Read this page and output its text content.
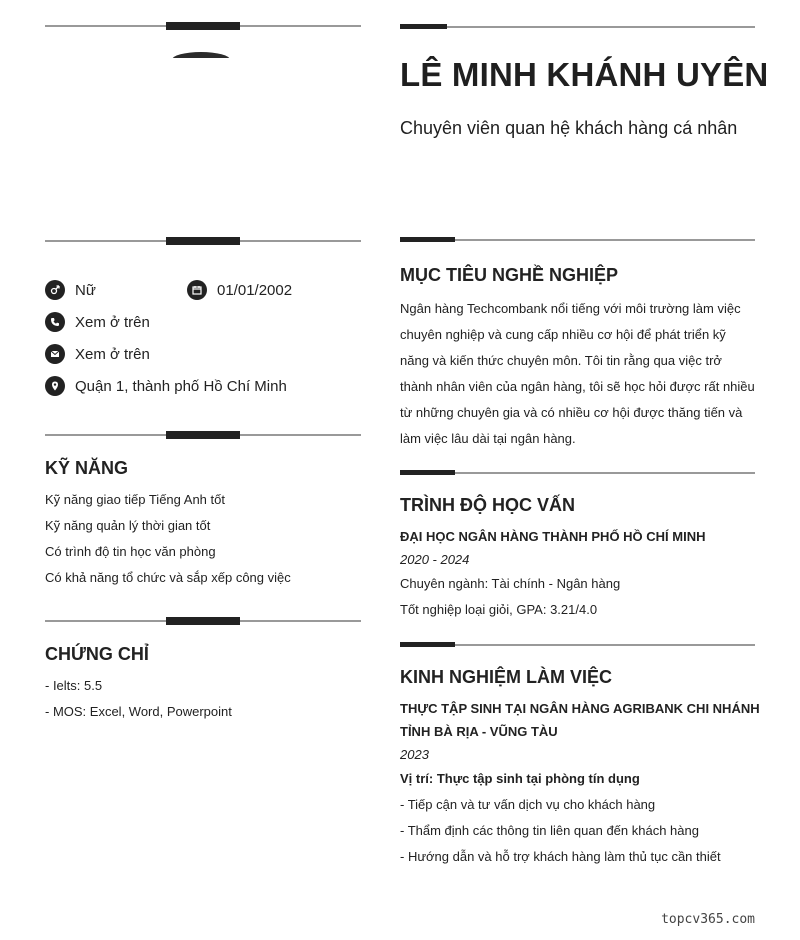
LÊ MINH KHÁNH UYÊN
Chuyên viên quan hệ khách hàng cá nhân
Nữ	01/01/2002
Xem ở trên
Xem ở trên
Quận 1, thành phố Hồ Chí Minh
KỸ NĂNG
Kỹ năng giao tiếp Tiếng Anh tốt
Kỹ năng quản lý thời gian tốt
Có trình độ tin học văn phòng
Có khả năng tổ chức và sắp xếp công việc
CHỨNG CHỈ
- Ielts: 5.5
- MOS: Excel, Word, Powerpoint
MỤC TIÊU NGHỀ NGHIỆP
Ngân hàng Techcombank nổi tiếng với môi trường làm việc chuyên nghiệp và cung cấp nhiều cơ hội để phát triển kỹ năng và kiến thức chuyên môn. Tôi tin rằng qua việc trở thành nhân viên của ngân hàng, tôi sẽ học hỏi được rất nhiều từ những chuyên gia và có nhiều cơ hội được thăng tiến và làm việc lâu dài tại ngân hàng.
TRÌNH ĐỘ HỌC VẤN
ĐẠI HỌC NGÂN HÀNG THÀNH PHỐ HỒ CHÍ MINH
2020 - 2024
Chuyên ngành: Tài chính - Ngân hàng
Tốt nghiệp loại giỏi, GPA: 3.21/4.0
KINH NGHIỆM LÀM VIỆC
THỰC TẬP SINH TẠI NGÂN HÀNG AGRIBANK CHI NHÁNH
TỈNH BÀ RỊA - VŨNG TÀU
2023
Vị trí: Thực tập sinh tại phòng tín dụng
- Tiếp cận và tư vấn dịch vụ cho khách hàng
- Thẩm định các thông tin liên quan đến khách hàng
- Hướng dẫn và hỗ trợ khách hàng làm thủ tục cần thiết
topcv365.com
